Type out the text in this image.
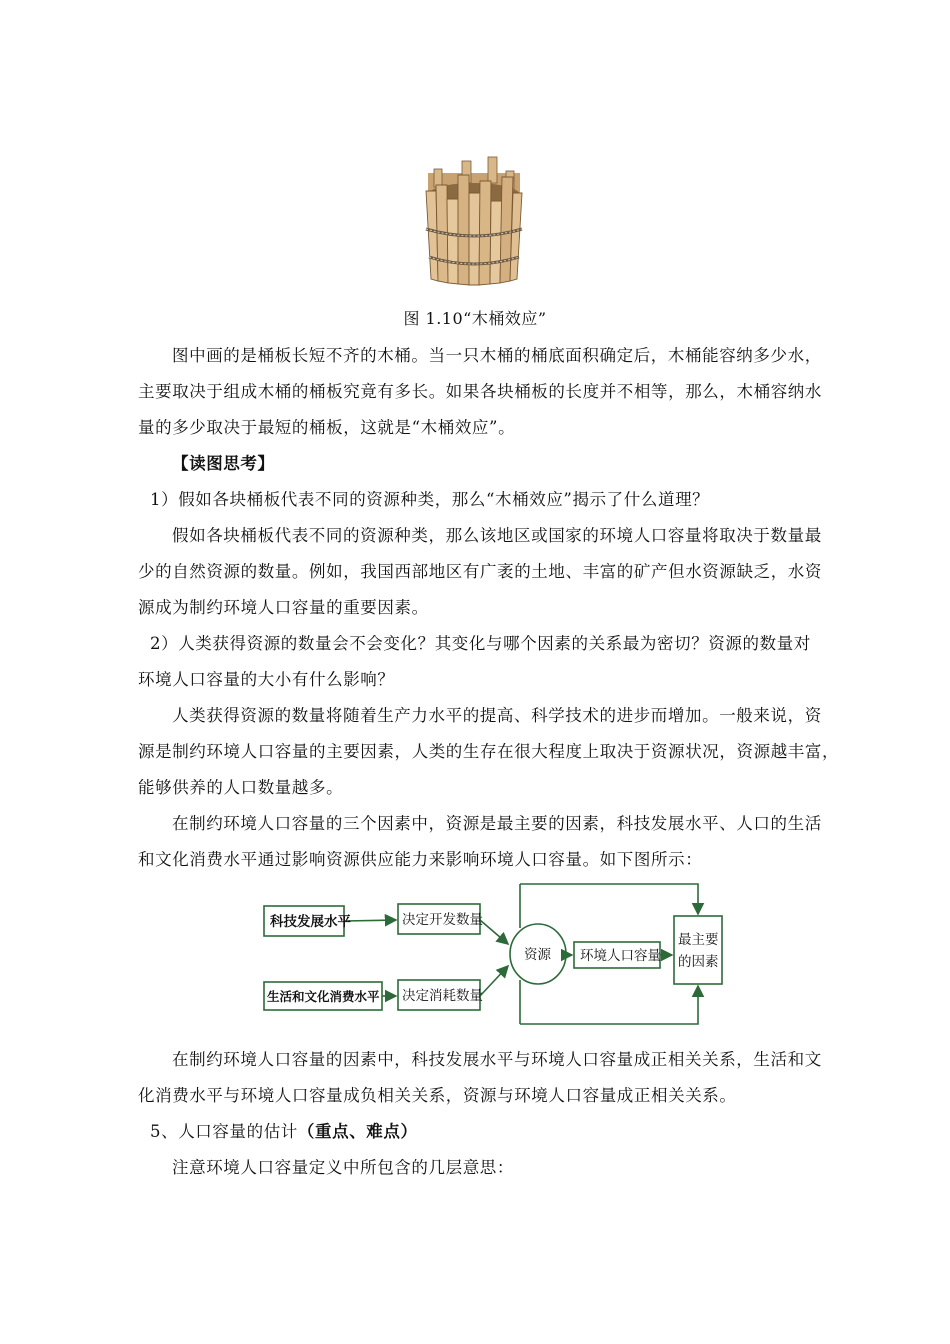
图 1.10“木桶效应”
图中画的是桶板长短不齐的木桶。当一只木桶的桶底面积确定后，木桶能容纳多少水，
主要取决于组成木桶的桶板究竟有多长。如果各块桶板的长度并不相等，那么，木桶容纳水
量的多少取决于最短的桶板，这就是“木桶效应”。
【读图思考】
1）假如各块桶板代表不同的资源种类，那么“木桶效应”揭示了什么道理？
假如各块桶板代表不同的资源种类，那么该地区或国家的环境人口容量将取决于数量最
少的自然资源的数量。例如，我国西部地区有广袤的土地、丰富的矿产但水资源缺乏，水资
源成为制约环境人口容量的重要因素。
2）人类获得资源的数量会不会变化？其变化与哪个因素的关系最为密切？资源的数量对
环境人口容量的大小有什么影响？
人类获得资源的数量将随着生产力水平的提高、科学技术的进步而增加。一般来说，资
源是制约环境人口容量的主要因素，人类的生存在很大程度上取决于资源状况，资源越丰富，
能够供养的人口数量越多。
在制约环境人口容量的三个因素中，资源是最主要的因素，科技发展水平、人口的生活
和文化消费水平通过影响资源供应能力来影响环境人口容量。如下图所示：
科技发展水平	决定开发数量
生活和文化消费水平 决定消耗数量
资源 环境人口容量
最主要
的因素
在制约环境人口容量的因素中，科技发展水平与环境人口容量成正相关关系，生活和文
化消费水平与环境人口容量成负相关关系，资源与环境人口容量成正相关关系。
5、人口容量的估计（重点、难点）
注意环境人口容量定义中所包含的几层意思：
